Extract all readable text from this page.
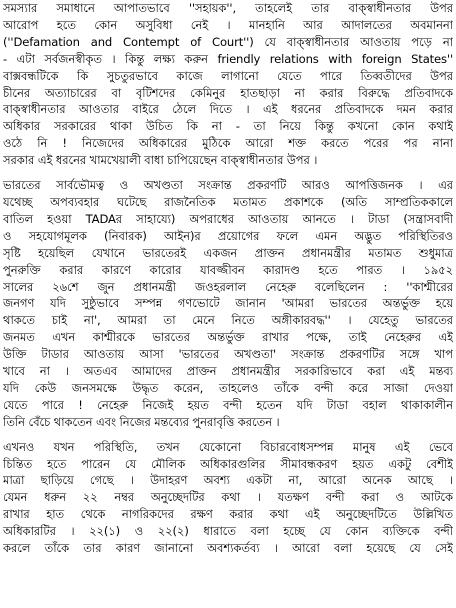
সমস্যার সমাধানে আপাতভাবে ''সহায়ক'', তাহলেই তার বাক্স্বাধীনতার উপর
আরোপ হতে কোন অসুবিধা নেই । মানহানি আর আদালতের অবমাননা
(''Defamation and Contempt of Court'') যে বাক্স্বাধীনতার আওতায় পড়ে না
- এটা সর্বজনস্বীকৃত । কিন্তু লক্ষ্য করুন friendly relations with foreign States''
বাক্সবন্ধটিকে কি সুচতুরভাবে কাজে লাগানো যেতে পারে তিব্বতীদের উপর
চীনের অত্যাচারের বা বৃটিশদের কেমিনুর হাতছাড়া না করার বিরুদ্ধে প্রতিবাদকে
বাক্স্বাধীনতার আওতার বাইরে ঠেলে দিতে । এই ধরনের প্রতিবাদকে দমন করার
অধিকার সরকারের থাকা উচিত কি না - তা নিয়ে কিন্তু কখনো কোন কথাই
ওঠে নি ! নিজেদের অধিকারের মুঠিকে আরো শক্ত করতে পরের পর নানা
সরকার এই ধরনের খামখেয়ালী বাধা চাপিয়েছেন বাক্স্বাধীনতার উপর ।

ভারতের সার্বভৌমত্ব ও অখণ্ডতা সংক্রান্ত প্রকরণটি আরও আপত্তিজনক । এর
যথেচ্ছ অপব্যবহার ঘটেছে রাজনৈতিক মতামত প্রকাশকে (অতি সাম্প্রতিককালে
বাতিল হওয়া TADAর সাহায্যে) অপরাধের আওতায় আনতে । টাডা (সন্ত্রাসবাদী
ও সহযোগমূলক (নিবারক) আইন)র প্রয়োগের ফলে এমন অদ্ভুত পরিস্থিতিরও
সৃষ্টি হয়েছিল যেখানে ভারতেরই একজন প্রাক্তন প্রধানমন্ত্রীর মতামত শুধুমাত্র
পুনরুক্তি করার কারণে কারোর যাবজ্জীবন কারাদণ্ড হতে পারত । ১৯৫২
সালের ২৬শে জুন প্রধানমন্ত্রী জওহরলাল নেহেরু বলেছিলেন : ''কাশ্মীরের
জনগণ যদি সুষ্ঠুভাবে সম্পন্ন গণভোটে জানান 'আমরা ভারতের অন্তর্ভুক্ত হয়ে
থাকতে চাই না', আমরা তা মেনে নিতে অঙ্গীকারবদ্ধ'' । যেহেতু ভারতের
জনমত এখন কাশ্মীরকে ভারতের অন্তর্ভুক্ত রাখার পক্ষে, তাই নেহেরুর এই
উক্তি টাডার আওতায় আসা 'ভারতের অখণ্ডতা' সংক্রান্ত প্রকরণটির সঙ্গে খাপ
খাবে না । অতএব আমাদের প্রাক্তন প্রধানমন্ত্রীর সরকারিভাবে করা এই মন্তব্য
যদি কেউ জনসমক্ষে উদ্ধৃত করেন, তাহলেও তাঁকে বন্দী করে সাজা দেওয়া
যেতে পারে ! নেহেরু নিজেই হয়ত বন্দী হতেন যদি টাডা বহাল থাকাকালীন
তিনি বেঁচে থাকতেন এবং নিজের মন্তব্যের পুনরাবৃত্তি করতেন ।

এখনও যখন পরিস্থিতি, তখন যেকোনো বিচারবোধসম্পন্ন মানুষ এই ভেবে
চিন্তিত হতে পারেন যে মৌলিক অধিকারগুলির সীমাবন্ধকরণ হয়ত একটু বেশীই
মাত্রা ছাড়িয়ে গেছে । উদাহরণ অবশ্য একটা না, আরো অনেক আছে ।
যেমন ধরুন ২২ নম্বর অনুচ্ছেদটির কথা । যতক্ষণ বন্দী করা ও আটকে
রাখার হাত থেকে নাগরিকদের রক্ষণ করার কথা এই অনুচ্ছেদটিতে উল্লিখিত
অধিকারটির । ২২(১) ও ২২(২) ধারাতে বলা হচ্ছে যে কোন ব্যক্তিকে বন্দী
করলে তাঁকে তার কারণ জানানো অবশ্যকর্তব্য । আরো বলা হয়েছে যে সেই
